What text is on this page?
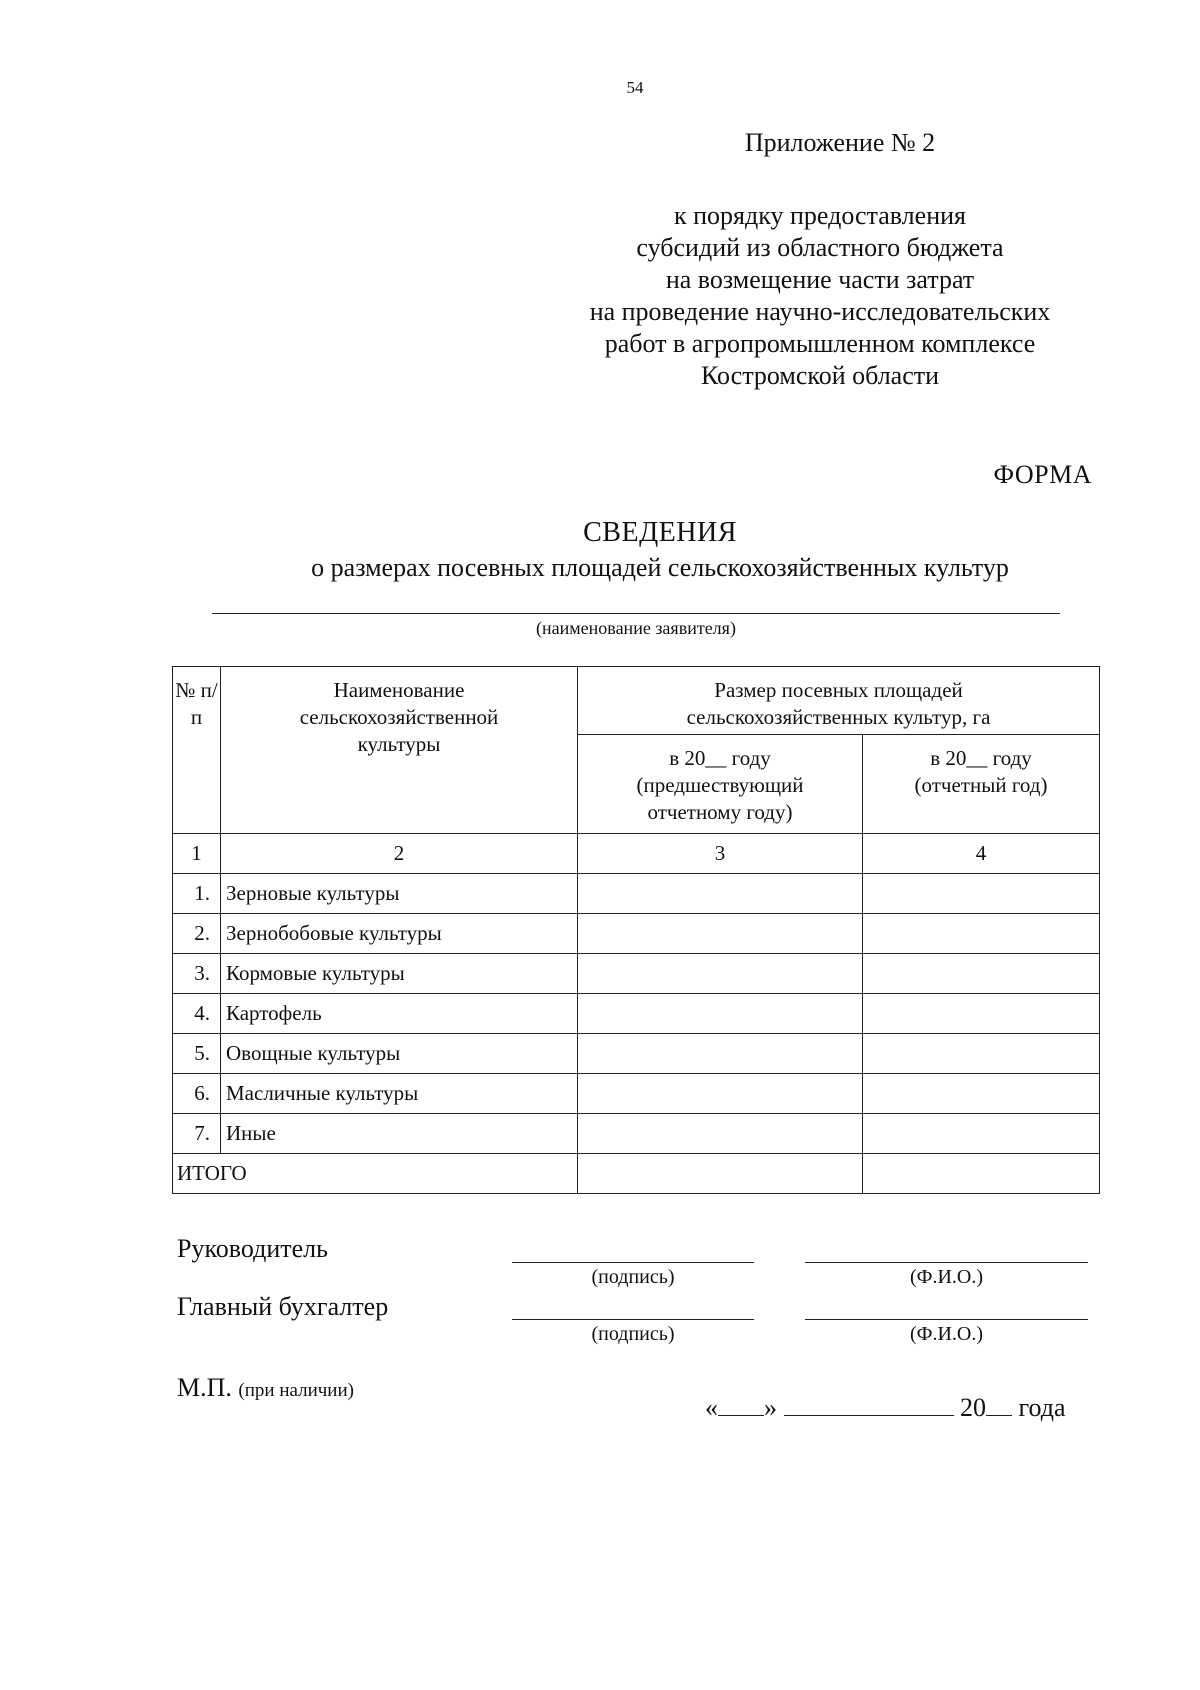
54
Приложение № 2
к порядку предоставления
субсидий из областного бюджета
на возмещение части затрат
на проведение научно-исследовательских
работ в агропромышленном комплексе
Костромской области
ФОРМА
СВЕДЕНИЯ
о размерах посевных площадей сельскохозяйственных культур
(наименование заявителя)
№ п/п	Наименование сельскохозяйственной культуры	Размер посевных площадей сельскохозяйственных культур, га	
		в 20__ году (предшествующий отчетному году)	в 20__ году (отчетный год)
1	2	3	4
1.	Зерновые культуры		
2.	Зернобобовые культуры		
3.	Кормовые культуры		
4.	Картофель		
5.	Овощные культуры		
6.	Масличные культуры		
7.	Иные		
ИТОГО			
Руководитель
(подпись)	(Ф.И.О.)
Главный бухгалтер
(подпись)	(Ф.И.О.)
М.П. (при наличии)
« »	20 года
